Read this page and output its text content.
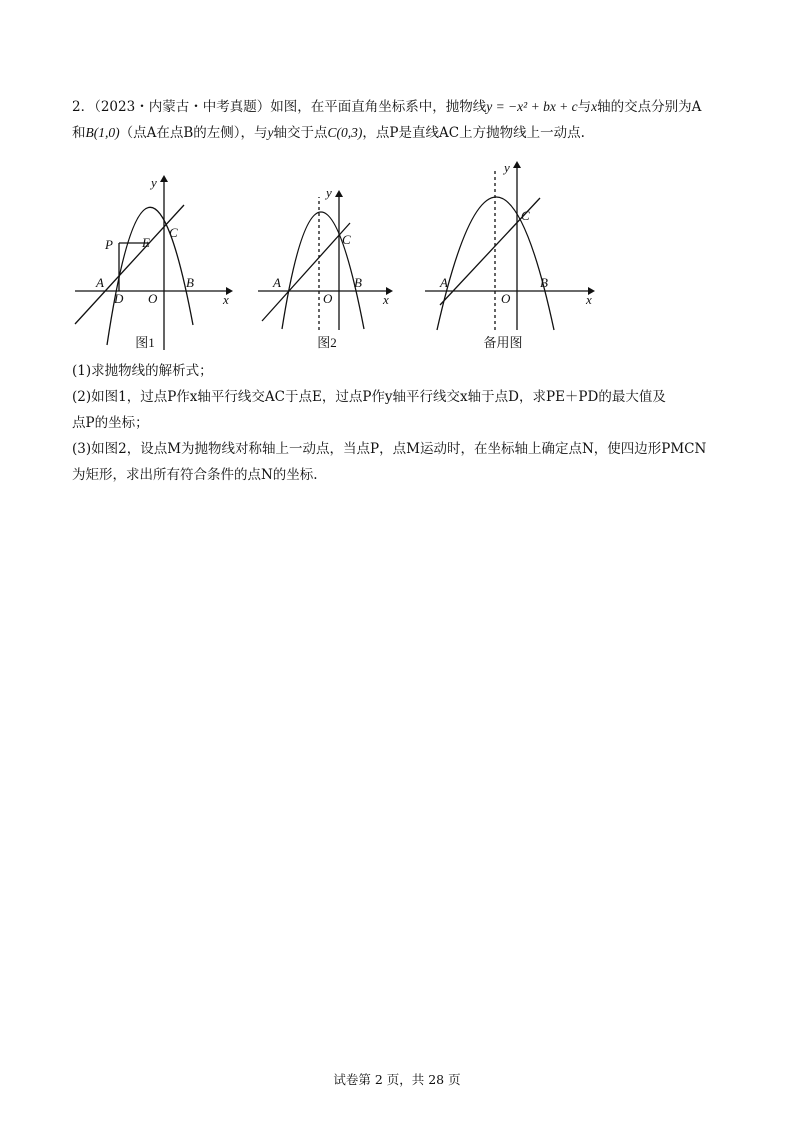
2．（2023・内蒙古・中考真题）如图，在平面直角坐标系中，抛物线y = −x² + bx + c与x轴的交点分别为A
和B(1,0)（点A在点B的左侧），与y轴交于点C(0,3)，点P是直线AC上方抛物线上一动点.
y
x
O
A	B
C
P E
D
y
x
O
A	B
C
y
x
O
A	B
C
图1	图2	备用图
(1)求抛物线的解析式；
(2)如图1，过点P作x轴平行线交AC于点E，过点P作y轴平行线交x轴于点D，求PE＋PD的最大值及
点P的坐标；
(3)如图2，设点M为抛物线对称轴上一动点，当点P，点M运动时，在坐标轴上确定点N，使四边形PMCN
为矩形，求出所有符合条件的点N的坐标.
试卷第 2 页，共 28 页
